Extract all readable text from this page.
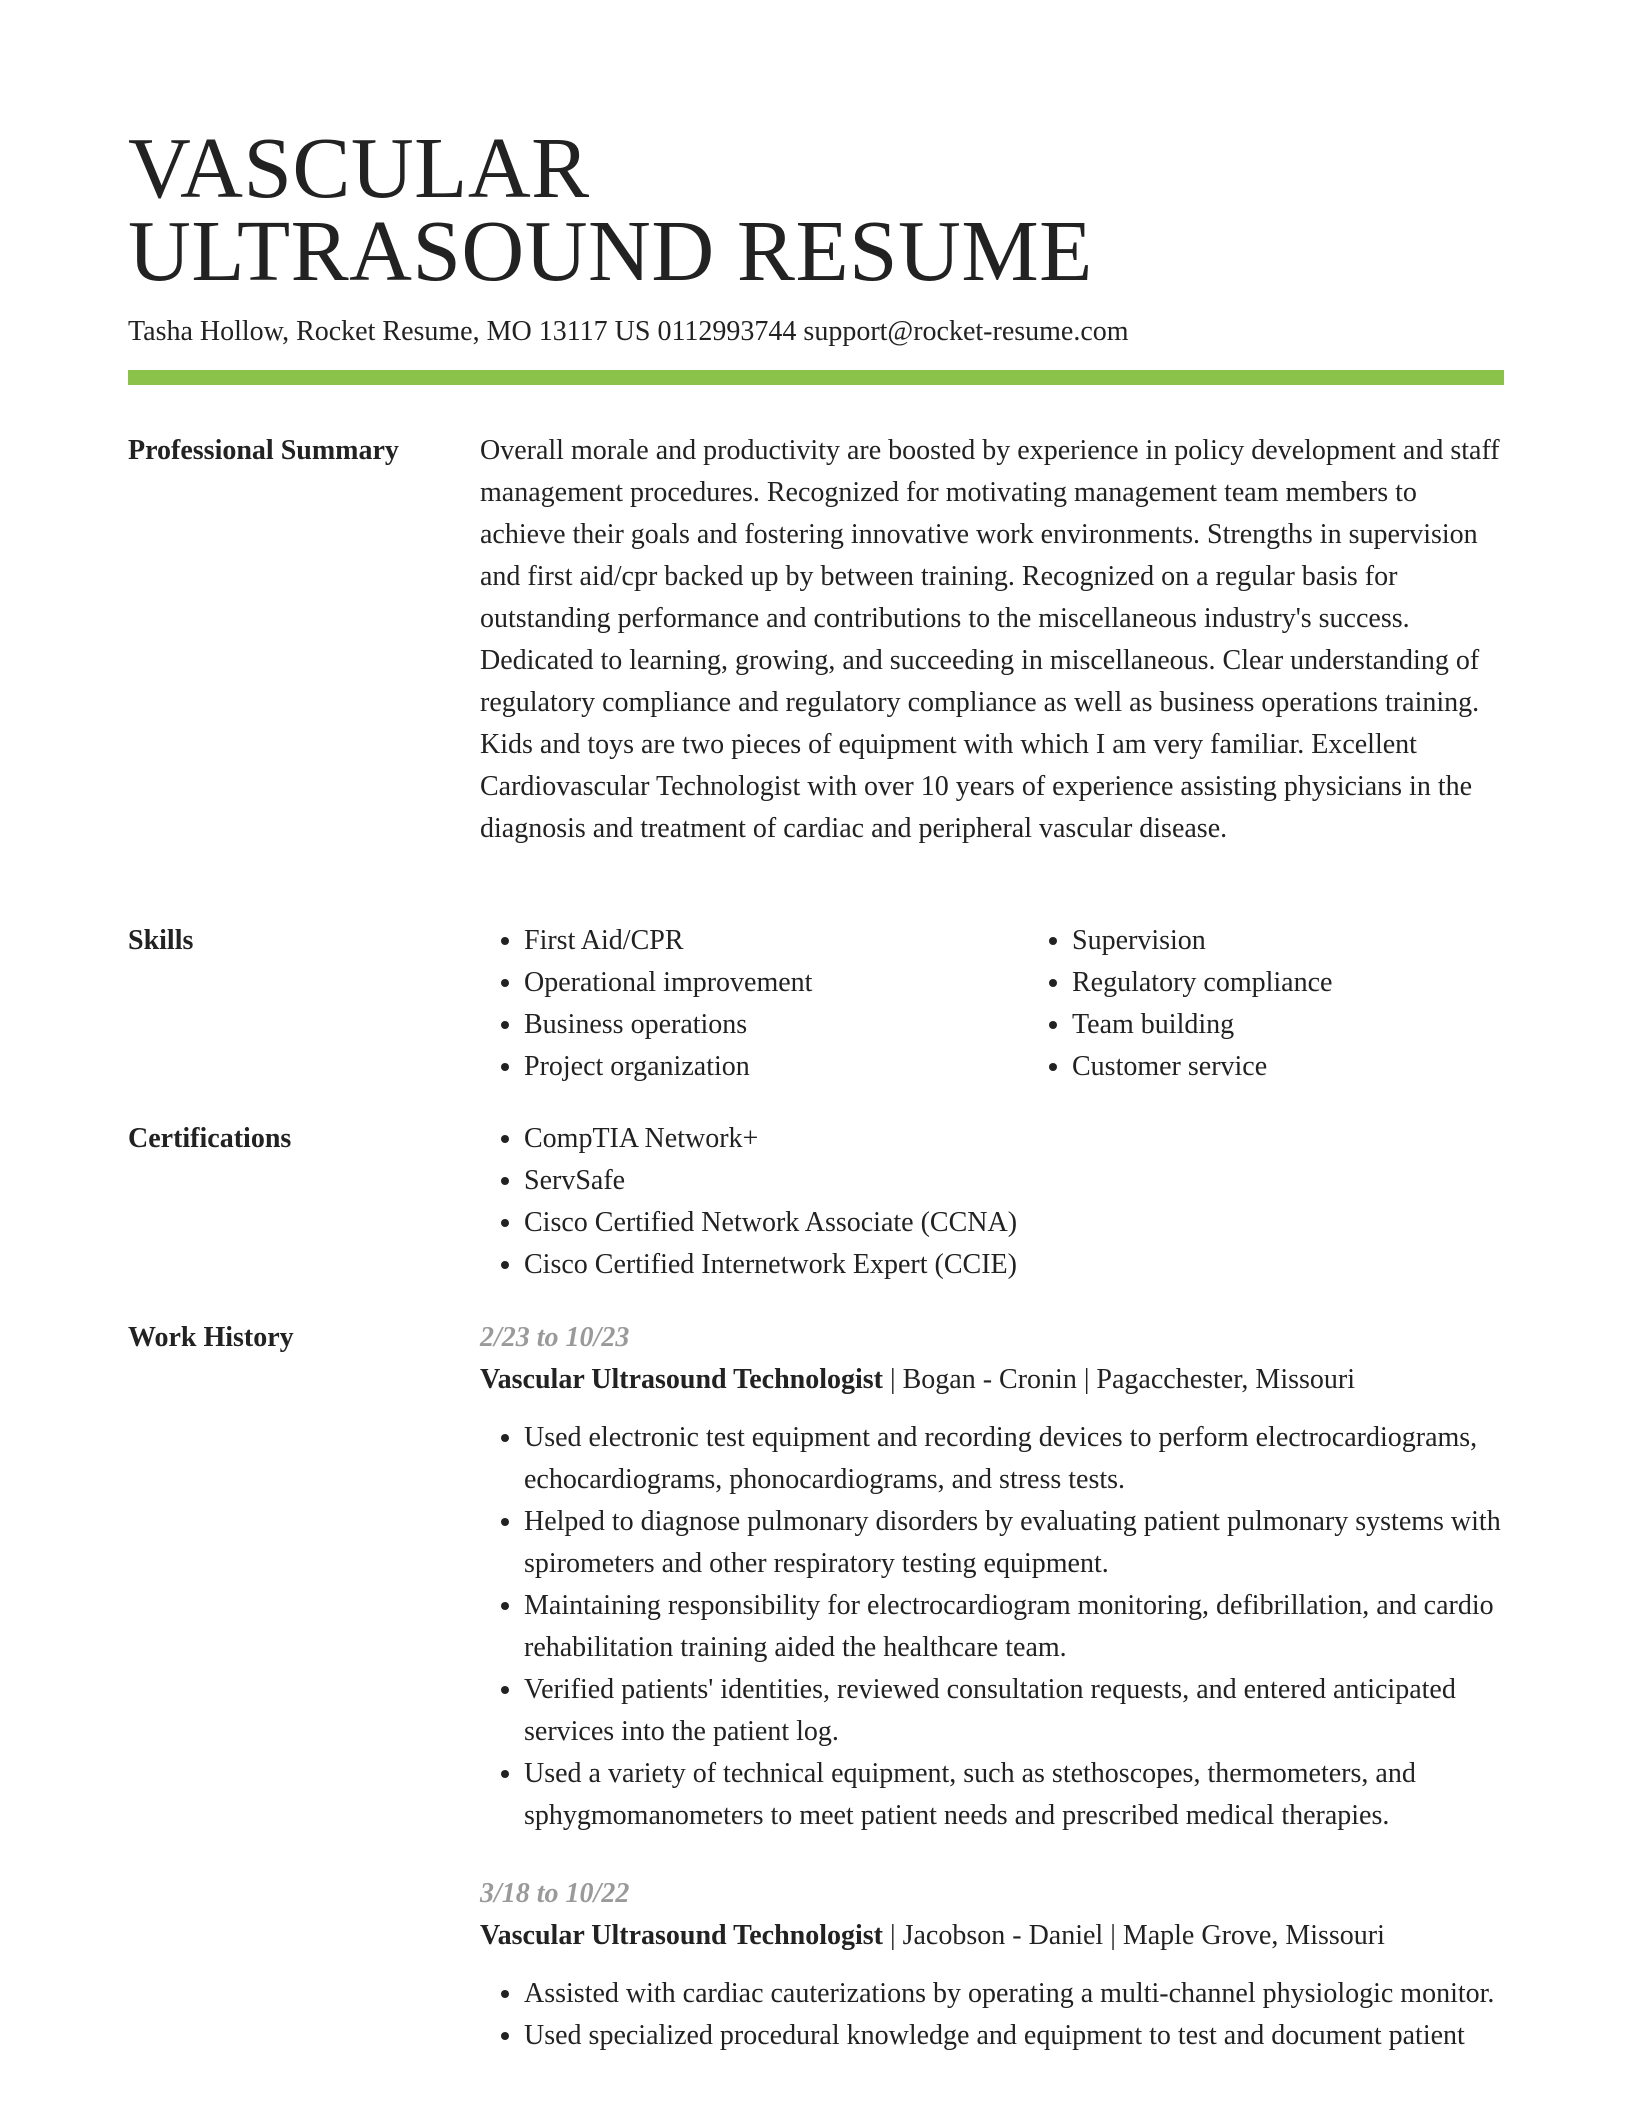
VASCULAR
ULTRASOUND RESUME
Tasha Hollow, Rocket Resume, MO 13117 US 0112993744 support@rocket-resume.com
Professional Summary	Overall morale and productivity are boosted by experience in policy development and staff management procedures. Recognized for motivating management team members to achieve their goals and fostering innovative work environments. Strengths in supervision and first aid/cpr backed up by between training. Recognized on a regular basis for outstanding performance and contributions to the miscellaneous industry's success. Dedicated to learning, growing, and succeeding in miscellaneous. Clear understanding of regulatory compliance and regulatory compliance as well as business operations training. Kids and toys are two pieces of equipment with which I am very familiar. Excellent Cardiovascular Technologist with over 10 years of experience assisting physicians in the diagnosis and treatment of cardiac and peripheral vascular disease.

Skills	• First Aid/CPR
• Operational improvement
• Business operations
• Project organization
• Supervision
• Regulatory compliance
• Team building
• Customer service
Certifications	• CompTIA Network+
• ServSafe
• Cisco Certified Network Associate (CCNA)
• Cisco Certified Internetwork Expert (CCIE)
Work History	2/23 to 10/23
Vascular Ultrasound Technologist | Bogan - Cronin | Pagacchester, Missouri
• Used electronic test equipment and recording devices to perform electrocardiograms, echocardiograms, phonocardiograms, and stress tests.
• Helped to diagnose pulmonary disorders by evaluating patient pulmonary systems with spirometers and other respiratory testing equipment.
• Maintaining responsibility for electrocardiogram monitoring, defibrillation, and cardio rehabilitation training aided the healthcare team.
• Verified patients' identities, reviewed consultation requests, and entered anticipated services into the patient log.
• Used a variety of technical equipment, such as stethoscopes, thermometers, and sphygmomanometers to meet patient needs and prescribed medical therapies.
3/18 to 10/22
Vascular Ultrasound Technologist | Jacobson - Daniel | Maple Grove, Missouri
• Assisted with cardiac cauterizations by operating a multi-channel physiologic monitor.
• Used specialized procedural knowledge and equipment to test and document patient
